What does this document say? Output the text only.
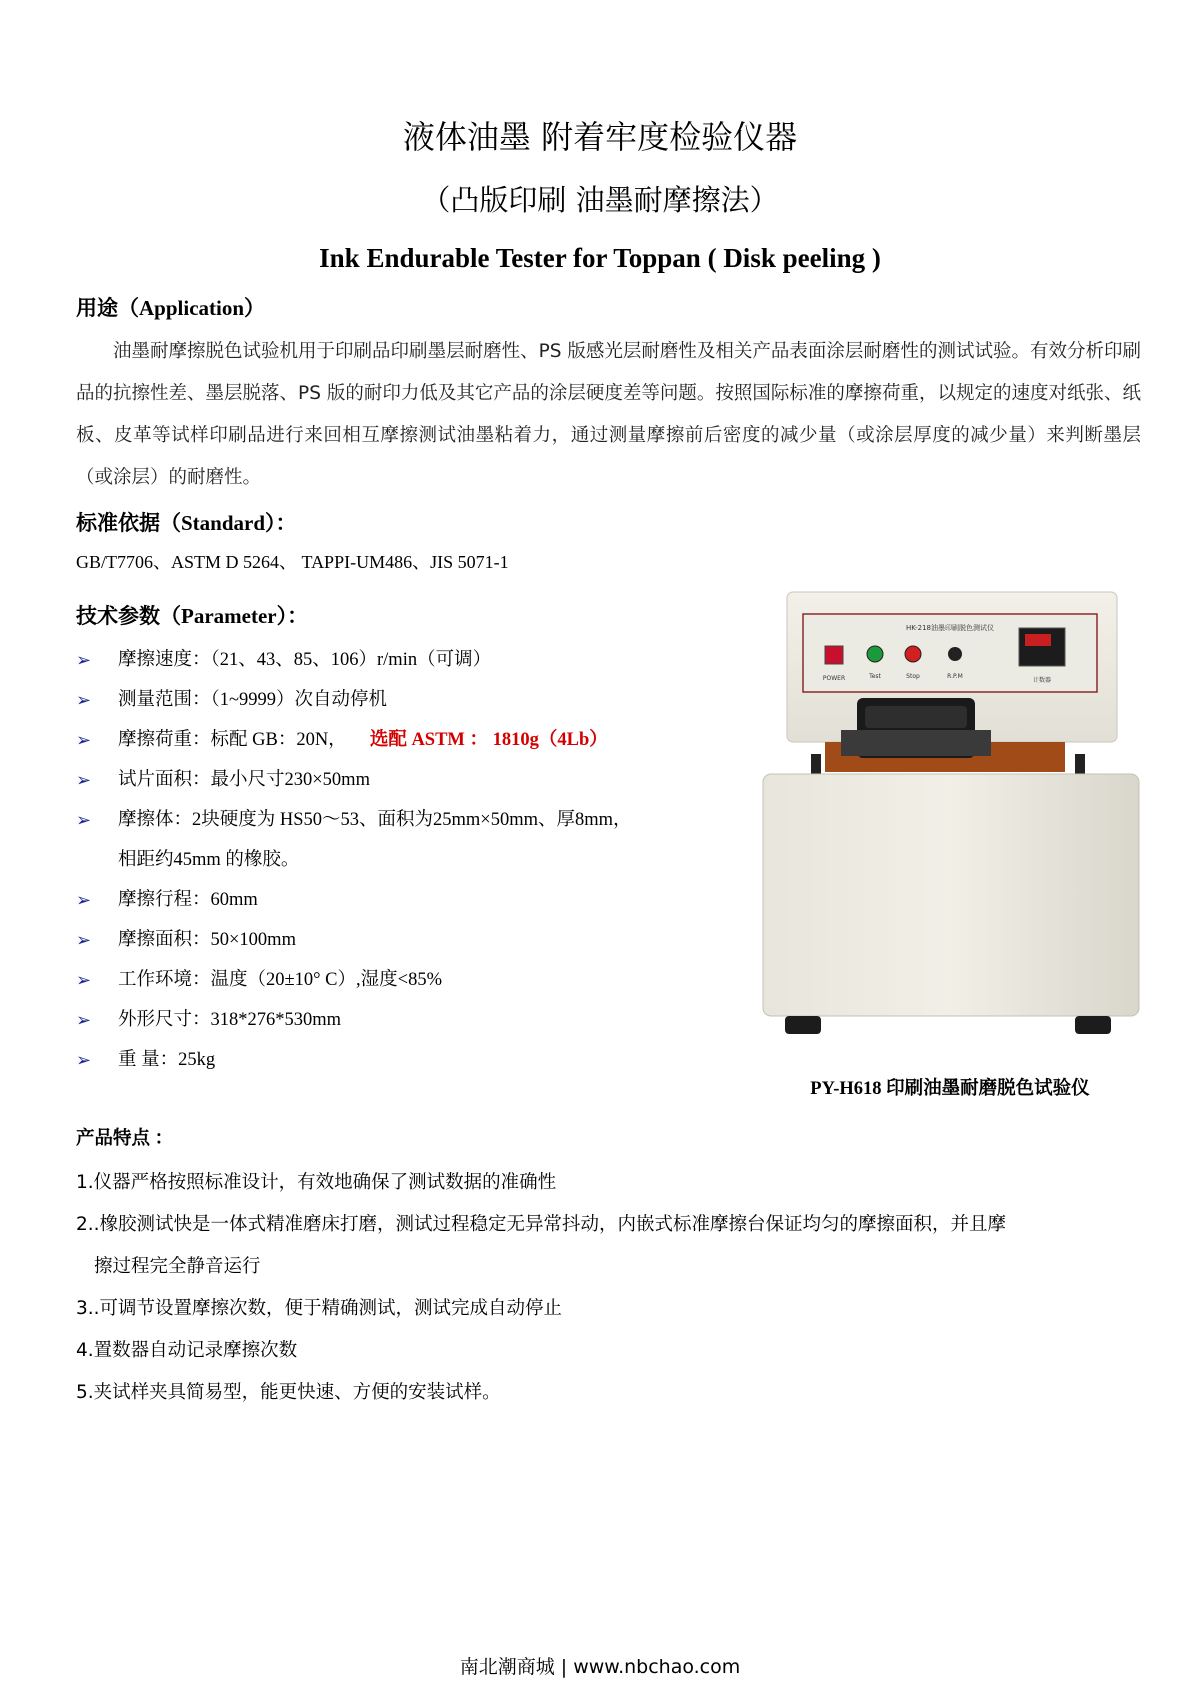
液体油墨 附着牢度检验仪器
（凸版印刷 油墨耐摩擦法）
Ink Endurable Tester for Toppan ( Disk peeling )
用途（Application）
油墨耐摩擦脱色试验机用于印刷品印刷墨层耐磨性、PS 版感光层耐磨性及相关产品表面涂层耐磨性的测试试验。有效分析印刷品的抗擦性差、墨层脱落、PS 版的耐印力低及其它产品的涂层硬度差等问题。按照国际标准的摩擦荷重，以规定的速度对纸张、纸板、皮革等试样印刷品进行来回相互摩擦测试油墨粘着力，通过测量摩擦前后密度的减少量（或涂层厚度的减少量）来判断墨层（或涂层）的耐磨性。
标准依据（Standard）：
GB/T7706、ASTM D 5264、 TAPPI-UM486、JIS 5071-1
技术参数（Parameter）：
➢ 摩擦速度：（21、43、85、106）r/min（可调）
➢ 测量范围：（1~9999）次自动停机
➢ 摩擦荷重：标配 GB：20N， 选配 ASTM ： 1810g（4Lb）
➢ 试片面积：最小尺寸230×50mm
➢ 摩擦体：2块硬度为 HS50～53、面积为25mm×50mm、厚8mm，
相距约45mm 的橡胶。
➢ 摩擦行程：60mm
➢ 摩擦面积：50×100mm
➢ 工作环境：温度（20±10° C）,湿度<85%
➢ 外形尺寸：318*276*530mm
➢ 重 量：25kg
HK-218油墨印刷脱色测试仪
POWER	Test	Stop	R.P.M
计数器
PY-H618 印刷油墨耐磨脱色试验仪
产品特点 ：
1.仪器严格按照标准设计，有效地确保了测试数据的准确性
2..橡胶测试快是一体式精准磨床打磨，测试过程稳定无异常抖动，内嵌式标准摩擦台保证均匀的摩擦面积，并且摩
擦过程完全静音运行
3..可调节设置摩擦次数，便于精确测试，测试完成自动停止
4.置数器自动记录摩擦次数
5.夹试样夹具简易型，能更快速、方便的安装试样。
南北潮商城 | www.nbchao.com
